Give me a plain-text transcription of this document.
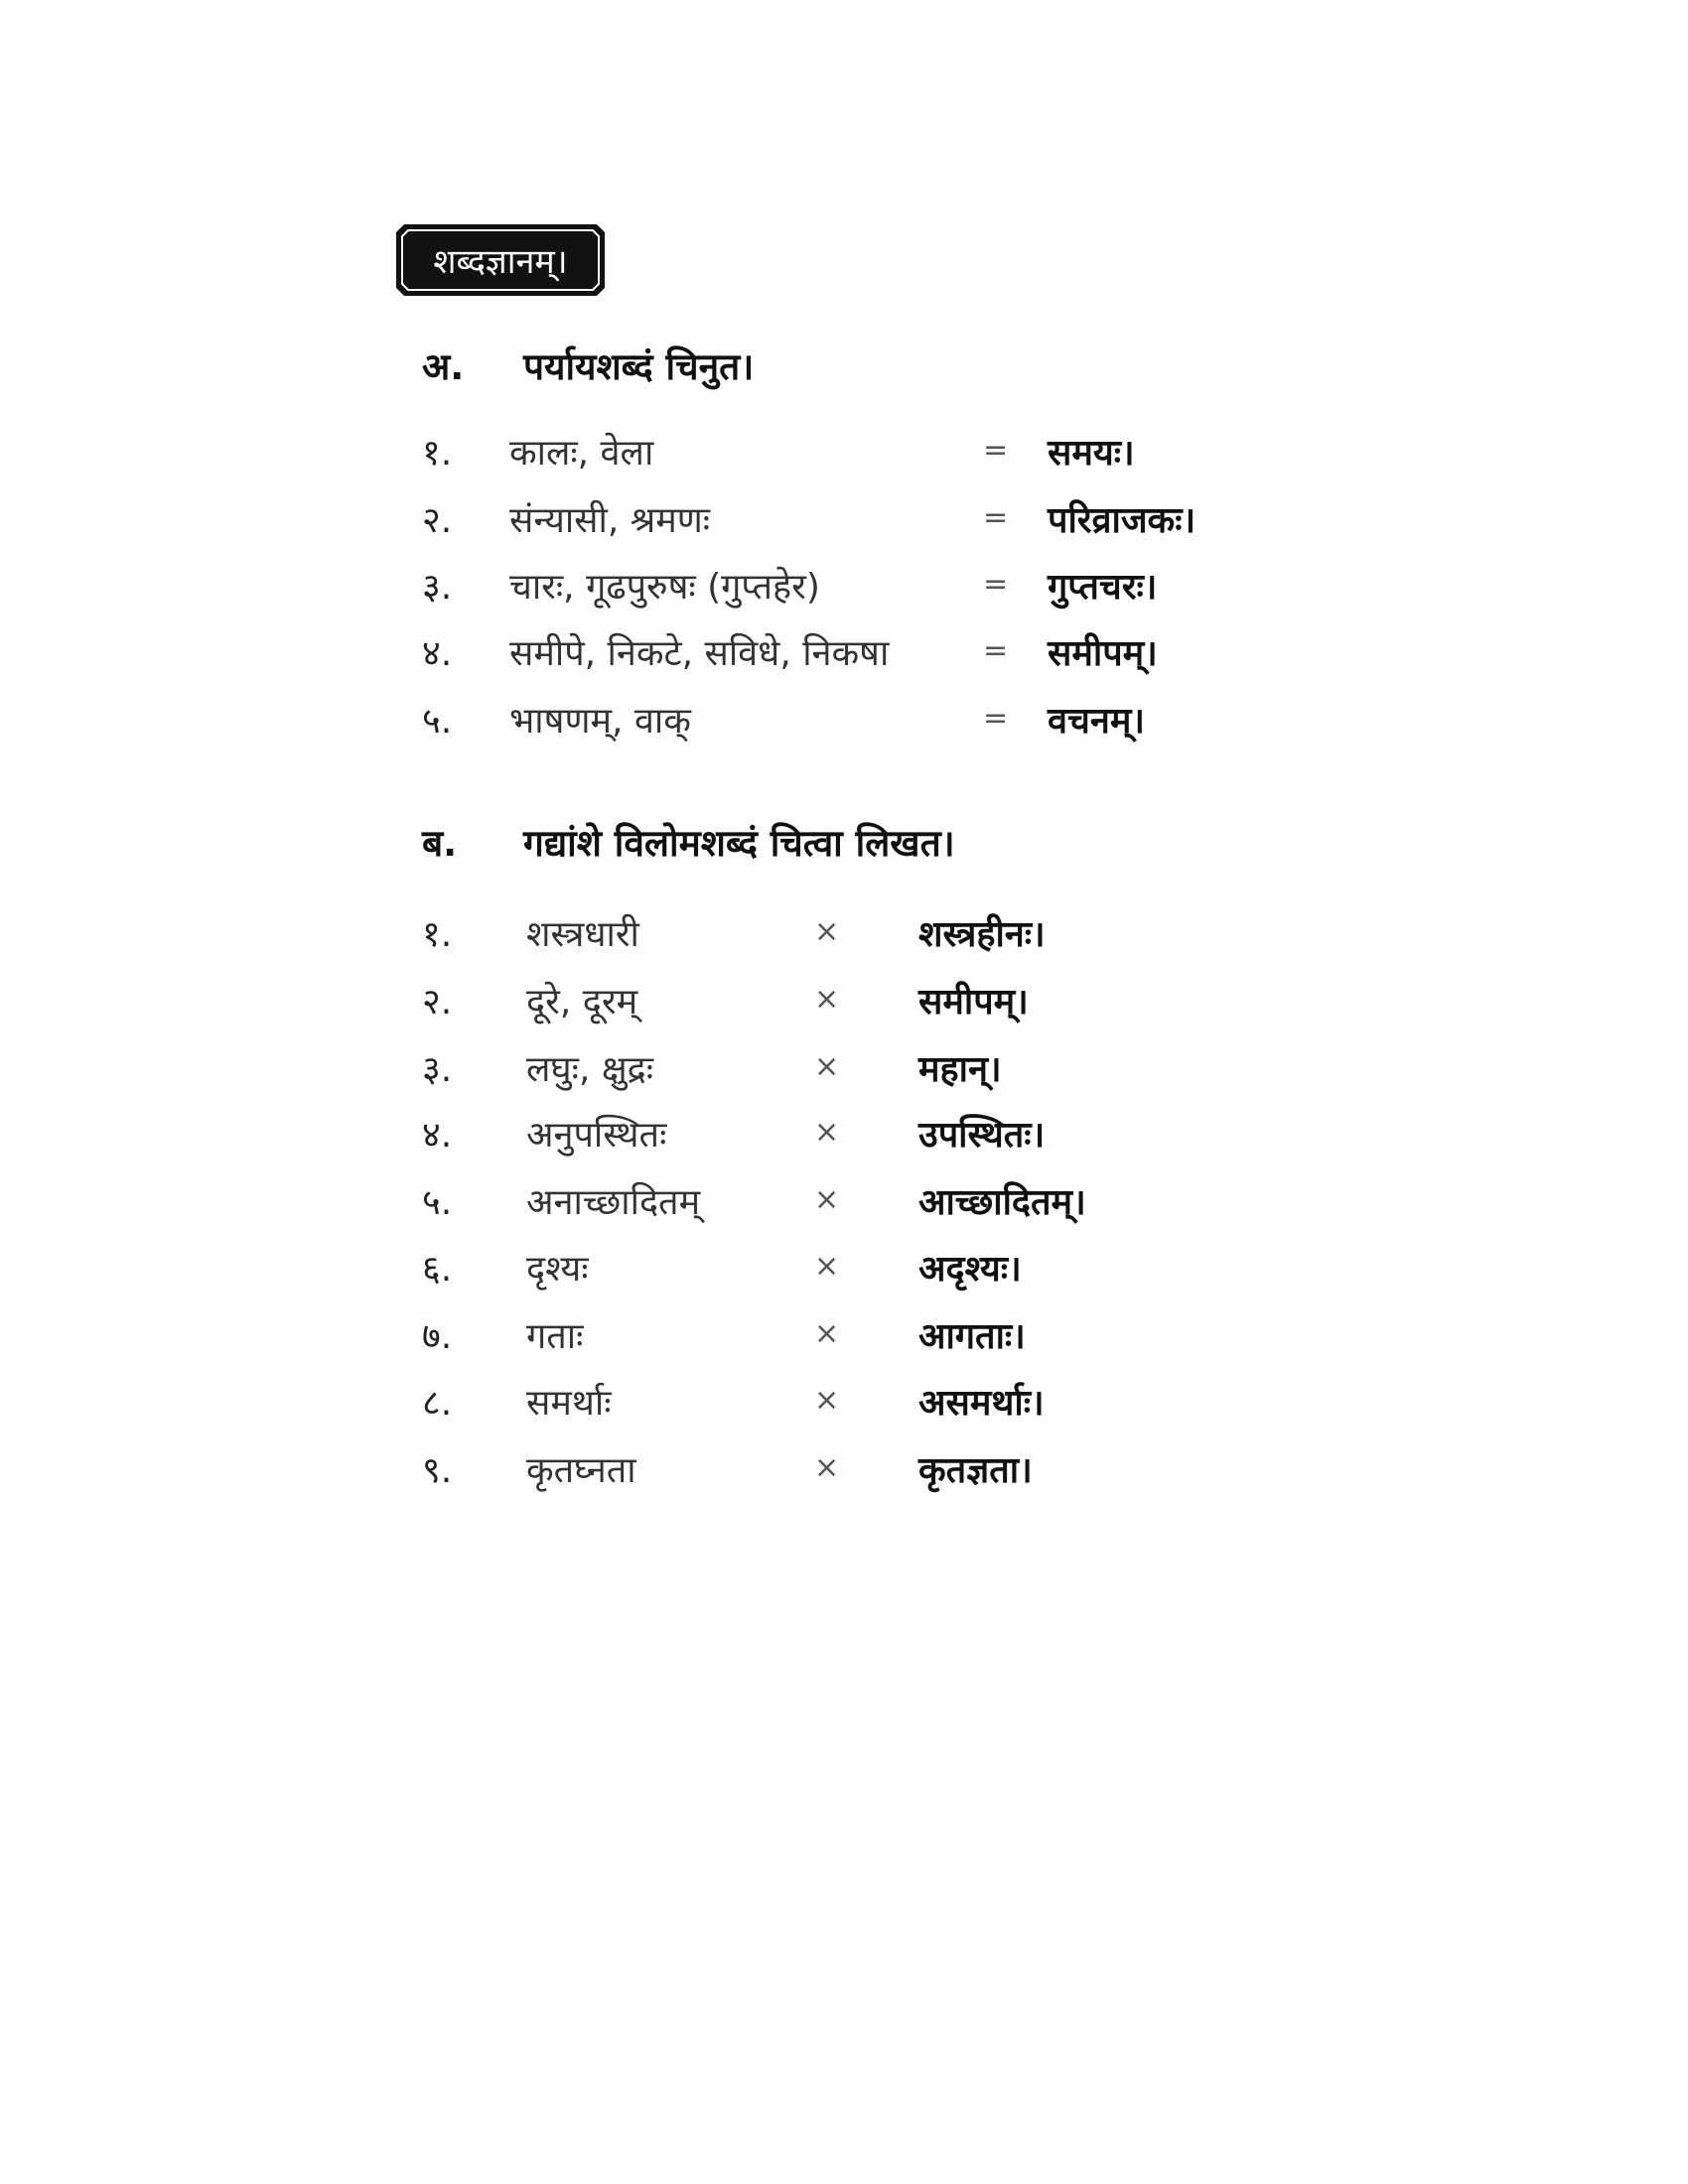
शब्दज्ञानम्।
अ. पर्यायशब्दं चिनुत।
१. कालः, वेला	= समयः।
२. संन्यासी, श्रमणः	= परिव्राजकः।
३. चारः, गूढपुरुषः (गुप्तहेर)	= गुप्तचरः।
४. समीपे, निकटे, सविधे, निकषा	= समीपम्।
५. भाषणम्, वाक्	= वचनम्।
ब. गद्यांशे विलोमशब्दं चित्वा लिखत।
१. शस्त्रधारी	× शस्त्रहीनः।
२. दूरे, दूरम्	× समीपम्।
३. लघुः, क्षुद्रः	× महान्।
४. अनुपस्थितः	× उपस्थितः।
५. अनाच्छादितम्	× आच्छादितम्।
६. दृश्यः	× अदृश्यः।
७. गताः	× आगताः।
८. समर्थाः	× असमर्थाः।
९. कृतघ्नता	× कृतज्ञता।
